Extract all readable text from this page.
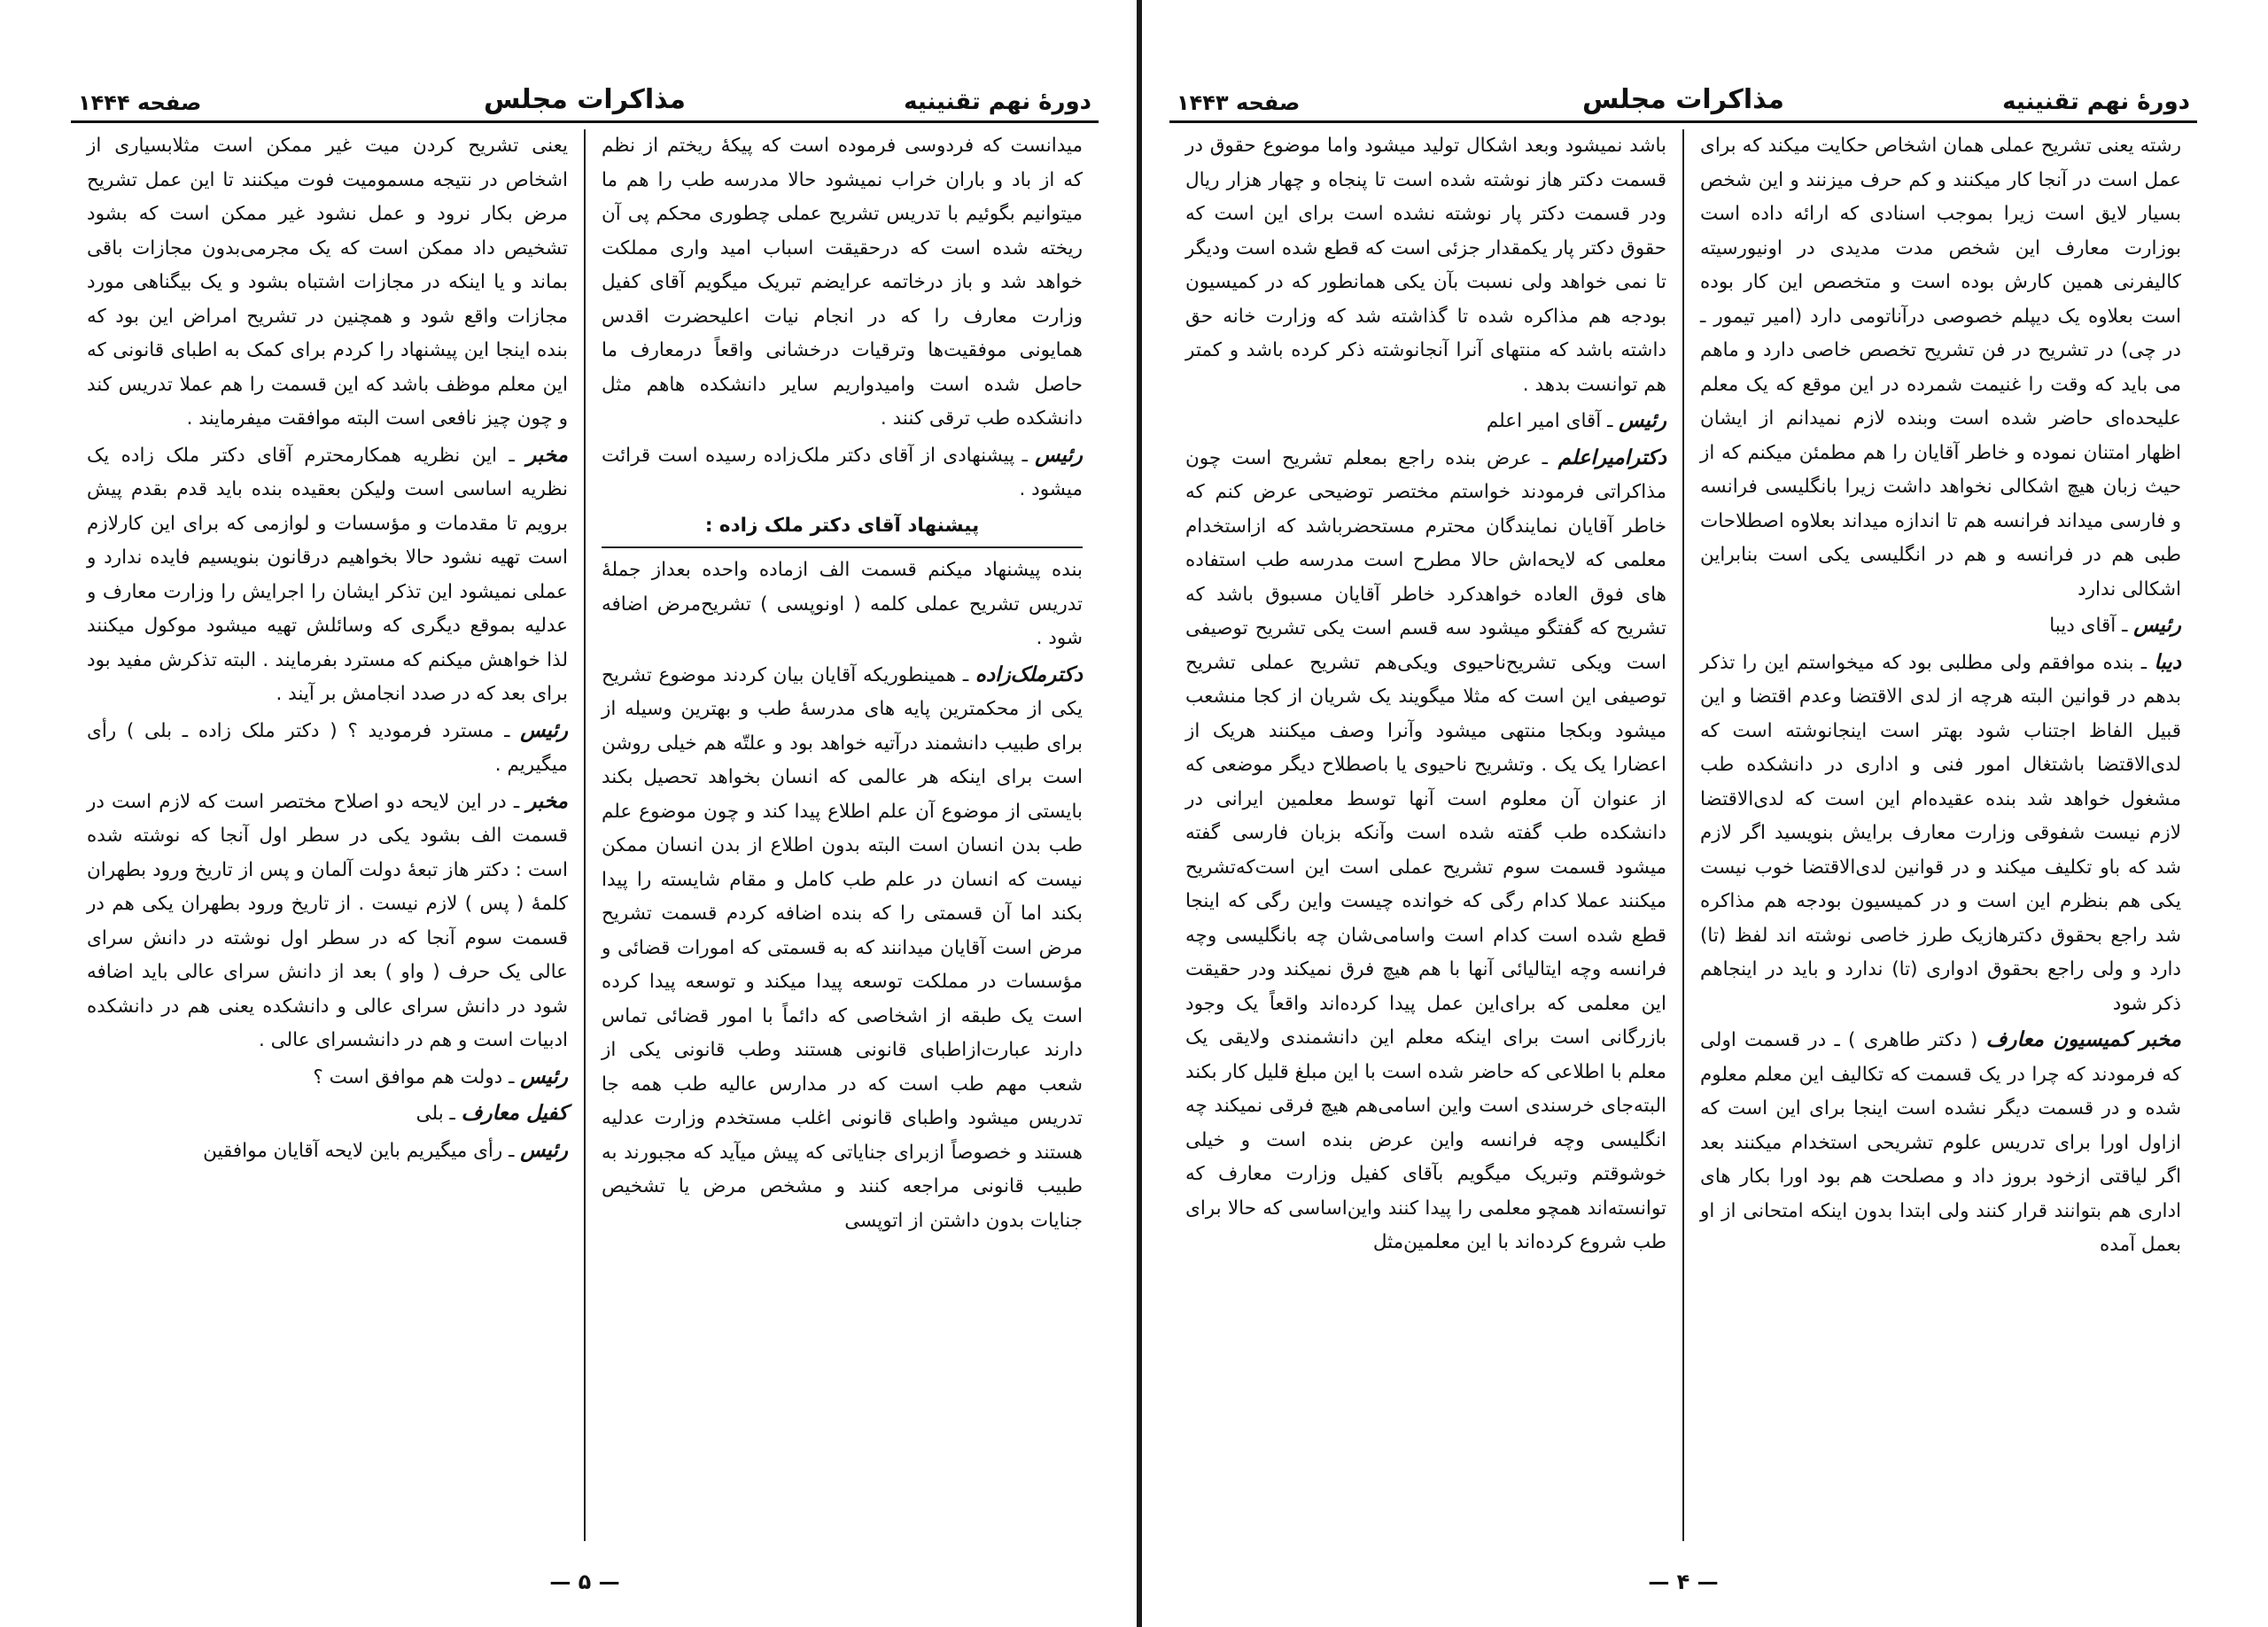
دورهٔ نهم تقنینیه
مذاکرات مجلس
صفحه ۱۴۴۴
میدانست که فردوسی فرموده است که پیکهٔ ریختم از نظم که از باد و باران خراب نمیشود حالا مدرسه طب را هم ما میتوانیم بگوئیم با تدریس تشریح عملی چطوری محکم پی آن ریخته شده است که درحقیقت اسباب امید واری مملکت خواهد شد و باز درخاتمه عرایضم تبریک میگویم آقای کفیل وزارت معارف را که در انجام نیات اعلیحضرت اقدس همایونی موفقیت‌ها وترقیات درخشانی واقعاً درمعارف ما حاصل شده است وامیدواریم سایر دانشکده هاهم مثل دانشکده طب ترقی کنند .
رئیس ـ پیشنهادی از آقای دکتر ملک‌زاده رسیده است قرائت میشود .
پیشنهاد آقای دکتر ملک زاده :
بنده پیشنهاد میکنم قسمت الف ازماده واحده بعداز جملهٔ تدریس تشریح عملی کلمه ( اونوپسی ) تشریح‌مرض اضافه شود .
دکترملک‌زاده ـ همینطوریکه آقایان بیان کردند موضوع تشریح یکی از محکمترین پایه های مدرسهٔ طب و بهترین وسیله از برای طبیب دانشمند درآتیه خواهد بود و علتّه هم خیلی روشن است برای اینکه هر عالمی که انسان بخواهد تحصیل بکند بایستی از موضوع آن علم اطلاع پیدا کند و چون موضوع علم طب بدن انسان است البته بدون اطلاع از بدن انسان ممکن نیست که انسان در علم طب کامل و مقام شایسته را پیدا بکند اما آن قسمتی را که بنده اضافه کردم قسمت تشریح مرض است آقایان میدانند که به قسمتی که امورات قضائی و مؤسسات در مملکت توسعه پیدا میکند و توسعه پیدا کرده است یک طبقه از اشخاصی که دائماً با امور قضائی تماس دارند عبارت‌ازاطبای قانونی هستند وطب قانونی یکی از شعب مهم طب است که در مدارس عالیه طب همه جا تدریس میشود واطبای قانونی اغلب مستخدم وزارت عدلیه هستند و خصوصاً ازبرای جنایاتی که پیش میآید که مجبورند به طبیب قانونی مراجعه کنند و مشخص مرض یا تشخیص جنایات بدون داشتن از اتوپسی
یعنی تشریح کردن میت غیر ممکن است مثلا‌بسیاری از اشخاص در نتیجه مسمومیت فوت میکنند تا این عمل تشریح مرض بکار نرود و عمل نشود غیر ممکن است که بشود تشخیص داد ممکن است که یک مجرمی‌بدون مجازات باقی بماند و یا اینکه در مجازات اشتباه بشود و یک بیگناهی مورد مجازات واقع شود و همچنین در تشریح امراض این بود که بنده اینجا این پیشنهاد را کردم برای کمک به اطبای قانونی که این معلم موظف باشد که این قسمت را هم عملا تدریس کند و چون چیز نافعی است البته موافقت میفرمایند .
مخبر ـ این نظریه همکارمحترم آقای دکتر ملک زاده یک نظریه اساسی است ولیکن بعقیده بنده باید قدم بقدم پیش برویم تا مقدمات و مؤسسات و لوازمی که برای این کارلازم است تهیه نشود حالا بخواهیم درقانون بنویسیم فایده ندارد و عملی نمیشود این تذکر ایشان را اجرایش را وزارت معارف و عدلیه بموقع دیگری که وسائلش تهیه میشود موکول میکنند لذا خواهش میکنم که مسترد بفرمایند . البته تذکرش مفید بود برای بعد که در صدد انجامش بر آیند .
رئیس ـ مسترد فرمودید ؟ ( دکتر ملک زاده ـ بلی ) رأی میگیریم .
مخبر ـ در این لایحه دو اصلاح مختصر است که لازم است در قسمت الف بشود یکی در سطر اول آنجا که نوشته شده است : دکتر هاز تبعهٔ دولت آلمان و پس از تاریخ ورود بطهران کلمهٔ ( پس ) لازم نیست . از تاریخ ورود بطهران یکی هم در قسمت سوم آنجا که در سطر اول نوشته در دانش سرای عالی یک حرف ( واو ) بعد از دانش سرای عالی باید اضافه شود در دانش سرای عالی و دانشکده یعنی هم در دانشکده ادبیات است و هم در دانشسرای عالی .
رئیس ـ دولت هم موافق است ؟
کفیل معارف ـ بلی
رئیس ـ رأی میگیریم باین لایحه آقایان موافقین
— ۵ —
دورهٔ نهم تقنینیه
مذاکرات مجلس
صفحه ۱۴۴۳
رشته یعنی تشریح عملی همان اشخاص حکایت میکند که برای عمل است در آنجا کار میکنند و کم حرف میزنند و این شخص بسیار لایق است زیرا بموجب اسنادی که ارائه داده است بوزارت معارف این شخص مدت مدیدی در اونیورسیته کالیفرنی همین کارش بوده است و متخصص این کار بوده است بعلاوه یک دیپلم خصوصی درآناتومی دارد (امیر تیمور ـ در چی) در تشریح در فن تشریح تخصص خاصی دارد و ماهم می باید که وقت را غنیمت شمرده در این موقع که یک معلم علیحده‌ای حاضر شده است وبنده لازم نمیدانم از ایشان اظهار امتنان نموده و خاطر آقایان را هم مطمئن میکنم که از حیث زبان هیچ اشکالی نخواهد داشت زیرا بانگلیسی فرانسه و فارسی میداند فرانسه هم تا اندازه میداند بعلاوه اصطلاحات طبی هم در فرانسه و هم در انگلیسی یکی است بنابراین اشکالی ندارد
رئیس ـ آقای دیبا
دیبا ـ بنده موافقم ولی مطلبی بود که میخواستم این را تذکر بدهم در قوانین البته هرچه از لدی الاقتضا وعدم اقتضا و این قبیل الفاظ اجتناب شود بهتر است اینجانوشته است که لدی‌الاقتضا باشتغال امور فنی و اداری در دانشکده طب مشغول خواهد شد بنده عقیده‌ام این است که لدی‌الاقتضا لازم نیست شفوقی وزارت معارف برایش بنویسید اگر لازم شد که باو تکلیف میکند و در قوانین لدی‌الاقتضا خوب نیست یکی هم بنظرم این است و در کمیسیون بودجه هم مذاکره شد راجع بحقوق دکترهازیک طرز خاصی نوشته اند لفظ (تا) دارد و ولی راجع بحقوق ادواری (تا) ندارد و باید در اینجاهم ذکر شود
مخبر کمیسیون معارف ( دکتر طاهری ) ـ در قسمت اولی که فرمودند که چرا در یک قسمت که تکالیف این معلم معلوم شده و در قسمت دیگر نشده است اینجا برای این است که ازاول اورا برای تدریس علوم تشریحی استخدام میکنند بعد اگر لیاقتی ازخود بروز داد و مصلحت هم بود اورا بکار های اداری هم بتوانند قرار کنند ولی ابتدا بدون اینکه امتحانی از او بعمل آمده
باشد نمیشود وبعد اشکال تولید میشود واما موضوع حقوق در قسمت دکتر هاز نوشته شده است تا پنجاه و چهار هزار ریال ودر قسمت دکتر پار نوشته نشده است برای این است که حقوق دکتر پار یکمقدار جزئی است که قطع شده است ودیگر تا نمی خواهد ولی نسبت بآن یکی همانطور که در کمیسیون بودجه هم مذاکره شده تا گذاشته شد که وزارت خانه حق داشته باشد که منتهای آنرا آنجانوشته ذکر کرده باشد و کمتر هم توانست بدهد .
رئیس ـ آقای امیر اعلم
دکترامیراعلم ـ عرض بنده راجع بمعلم تشریح است چون مذاکراتی فرمودند خواستم مختصر توضیحی عرض کنم که خاطر آقایان نمایندگان محترم مستحضرباشد که ازاستخدام معلمی که لایحه‌اش حالا مطرح است مدرسه طب استفاده های فوق العاده خواهدکرد خاطر آقایان مسبوق باشد که تشریح که گفتگو میشود سه قسم است یکی تشریح توصیفی است ویکی تشریح‌ناحیوی ویکی‌هم تشریح عملی تشریح توصیفی این است که مثلا میگویند یک شریان از کجا منشعب میشود وبکجا منتهی میشود وآنرا وصف میکنند هریک از اعضارا یک یک . وتشریح ناحیوی یا باصطلاح دیگر موضعی که از عنوان آن معلوم است آنها توسط معلمین ایرانی در دانشکده طب گفته شده است وآنکه بزبان فارسی گفته میشود قسمت سوم تشریح عملی است این است‌که‌تشریح میکنند عملا کدام رگی که خوانده چیست واین رگی که اینجا قطع شده است کدام است واسامی‌شان چه بانگلیسی وچه فرانسه وچه ایتالیائی آنها با هم هیچ فرق نمیکند ودر حقیقت این معلمی که برای‌این عمل پیدا کرده‌اند واقعاً یک وجود بازرگانی است برای اینکه معلم این دانشمندی ولایقی یک معلم با اطلاعی که حاضر شده است با این مبلغ قلیل کار بکند البته‌جای خرسندی است واین اسامی‌هم هیچ فرقی نمیکند چه انگلیسی وچه فرانسه واین عرض بنده است و خیلی خوشوقتم وتبریک میگویم بآقای کفیل وزارت معارف که توانسته‌اند همچو معلمی را پیدا کنند واین‌اساسی که حالا برای طب شروع کرده‌اند با این معلمین‌مثل
— ۴ —
